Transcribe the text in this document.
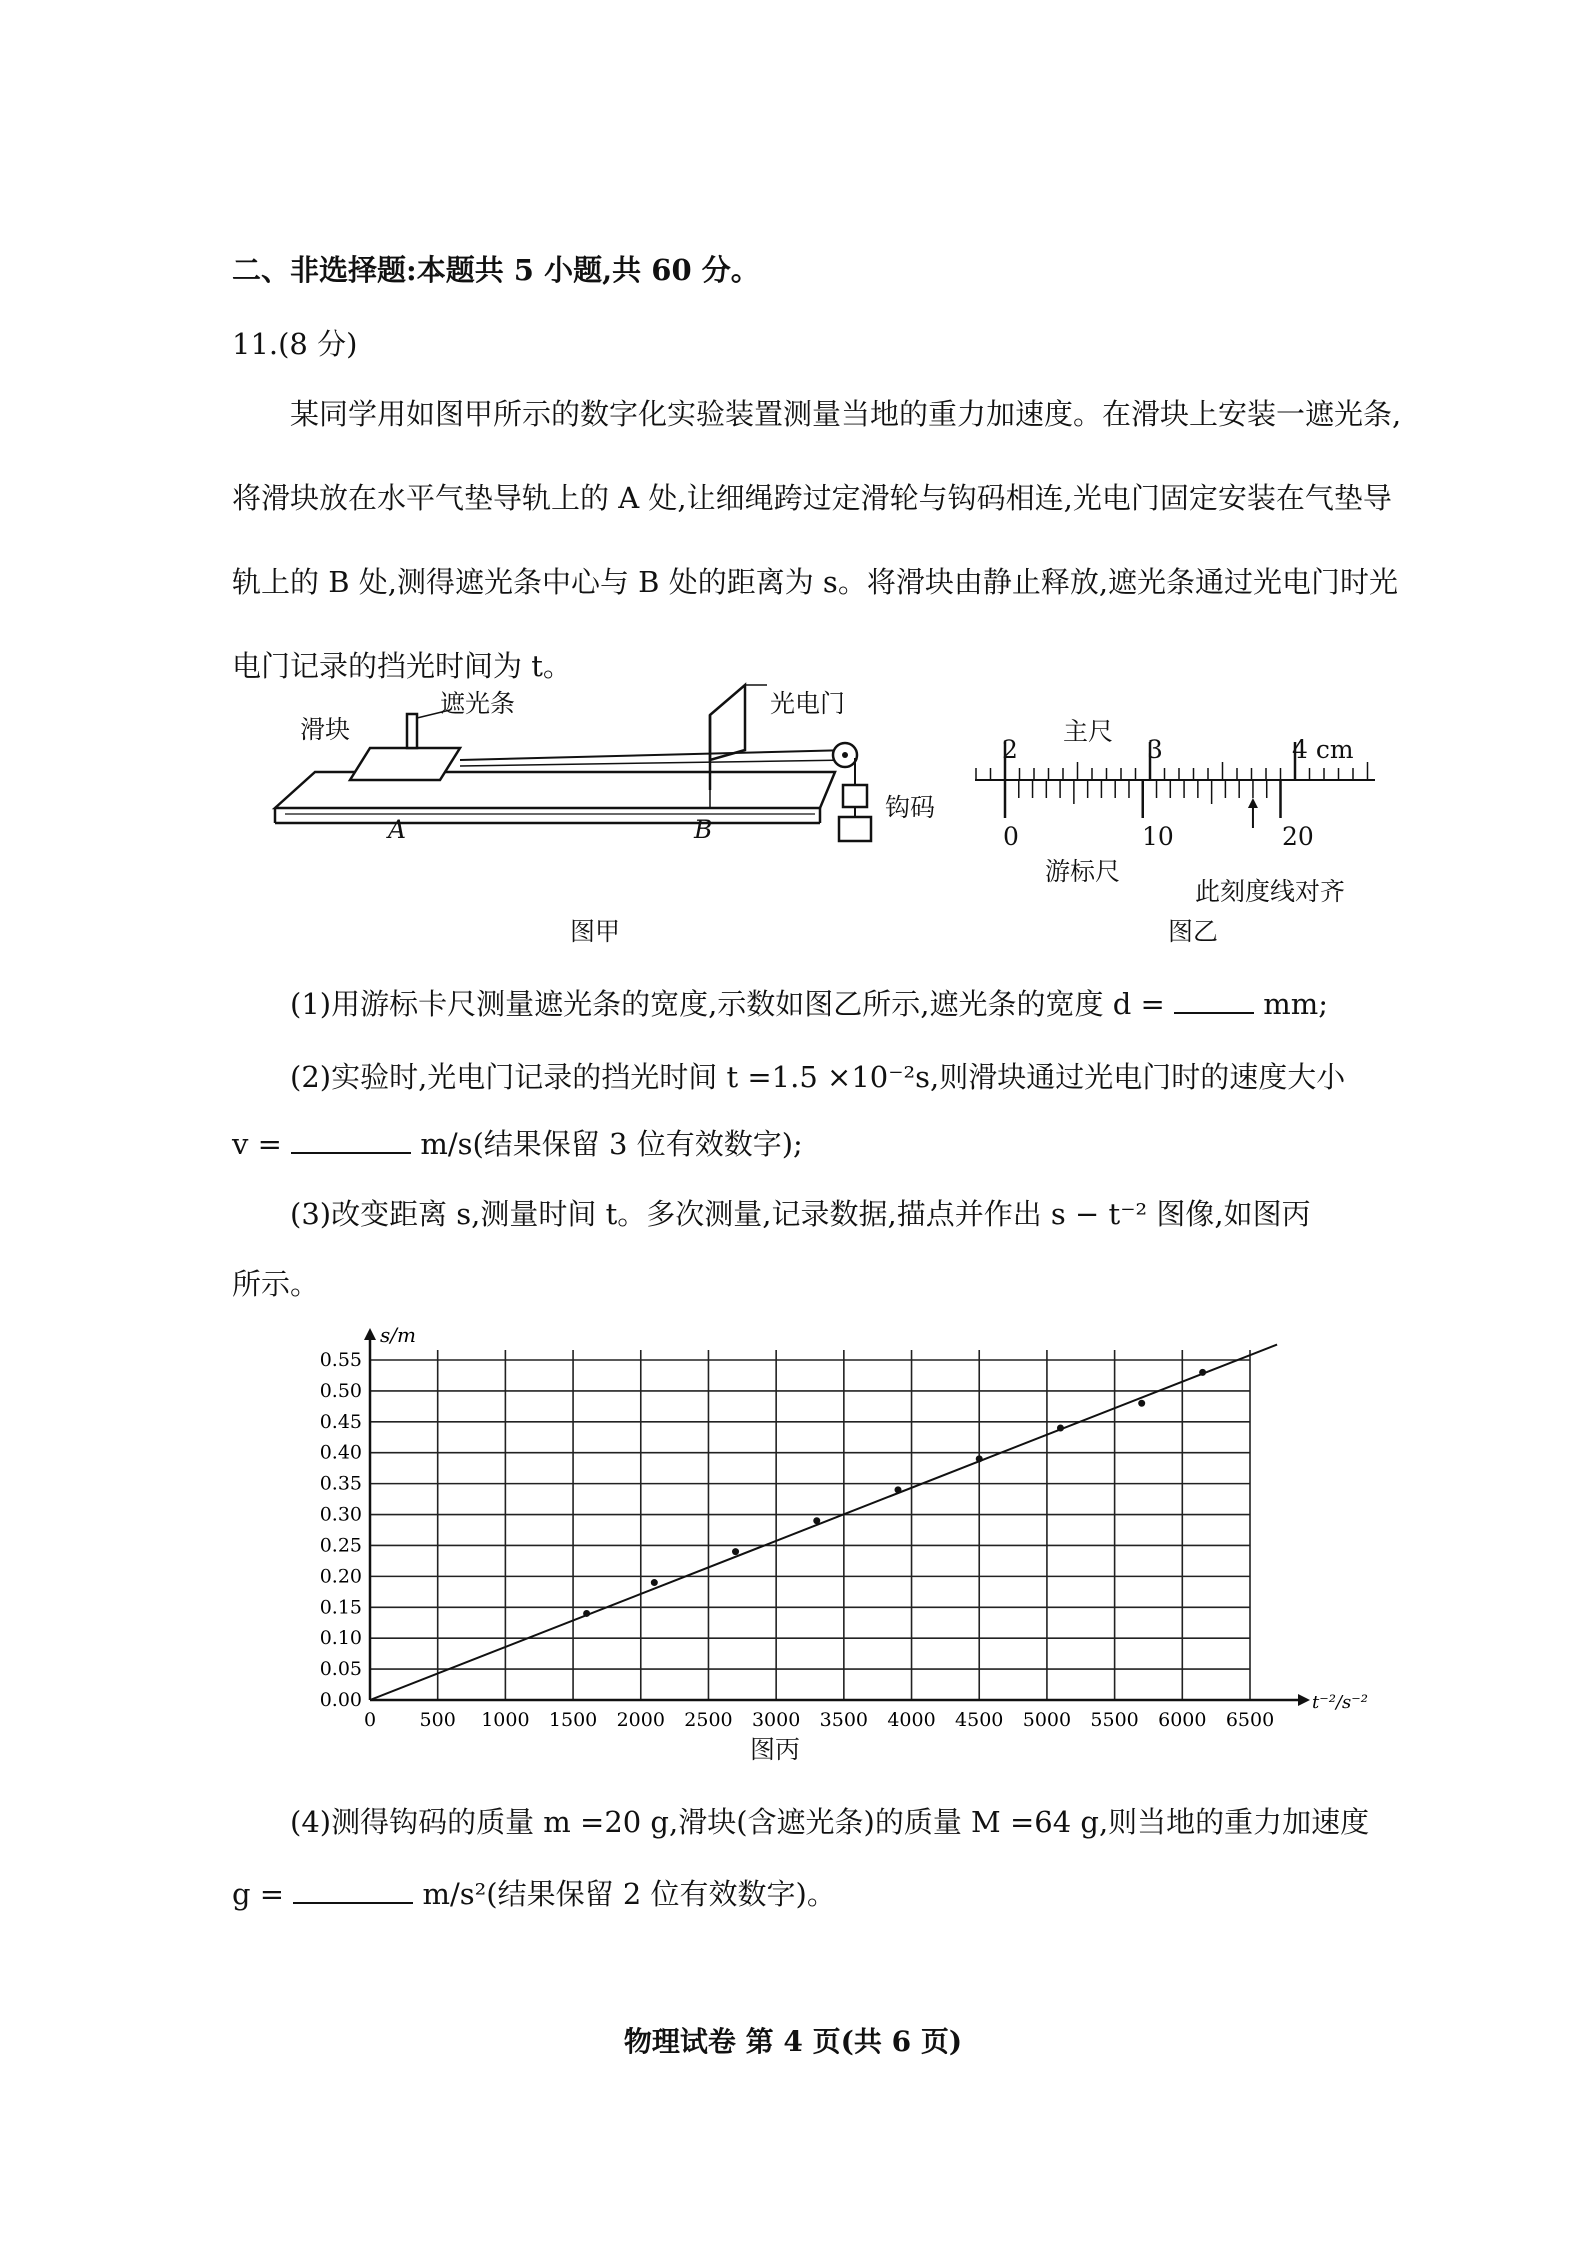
二、非选择题:本题共 5 小题,共 60 分。
11.(8 分)
某同学用如图甲所示的数字化实验装置测量当地的重力加速度。在滑块上安装一遮光条,将滑块放在水平气垫导轨上的 A 处,让细绳跨过定滑轮与钩码相连,光电门固定安装在气垫导轨上的 B 处,测得遮光条中心与 B 处的距离为 s。将滑块由静止释放,遮光条通过光电门时光电门记录的挡光时间为 t。
滑块
遮光条	光电门
钩码
A	B
图甲
主尺
2	3	4 cm
0	10	20
游标尺
此刻度线对齐
图乙
(1)用游标卡尺测量遮光条的宽度,示数如图乙所示,遮光条的宽度 d =	mm;
(2)实验时,光电门记录的挡光时间 t =1.5 ×10⁻²s,则滑块通过光电门时的速度大小
v =	m/s(结果保留 3 位有效数字);
(3)改变距离 s,测量时间 t。多次测量,记录数据,描点并作出 s − t⁻² 图像,如图丙
所示。
0 500 1000 1500 2000 2500 3000 3500 4000 4500 5000 5500 6000 6500
0.00
0.05
0.10
0.15
0.20
0.25
0.30
0.35
0.40
0.45
0.50
0.55
s/m
t⁻²/s⁻²
图丙
(4)测得钩码的质量 m =20 g,滑块(含遮光条)的质量 M =64 g,则当地的重力加速度
g =	m/s²(结果保留 2 位有效数字)。
物理试卷 第 4 页(共 6 页)
